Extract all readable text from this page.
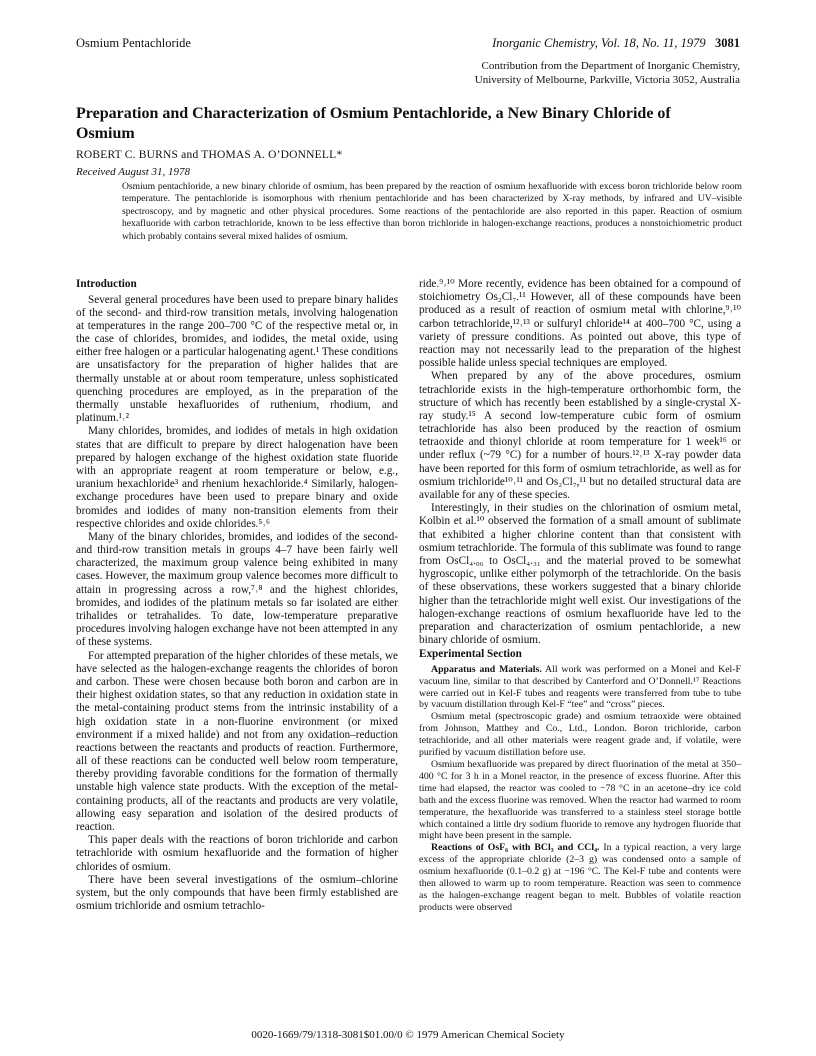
Osmium Pentachloride	Inorganic Chemistry, Vol. 18, No. 11, 1979 3081
Contribution from the Department of Inorganic Chemistry,
University of Melbourne, Parkville, Victoria 3052, Australia
Preparation and Characterization of Osmium Pentachloride, a New Binary Chloride of Osmium
ROBERT C. BURNS and THOMAS A. O’DONNELL*
Received August 31, 1978
Osmium pentachloride, a new binary chloride of osmium, has been prepared by the reaction of osmium hexafluoride with excess boron trichloride below room temperature. The pentachloride is isomorphous with rhenium pentachloride and has been characterized by X-ray methods, by infrared and UV–visible spectroscopy, and by magnetic and other physical procedures. Some reactions of the pentachloride are also reported in this paper. Reaction of osmium hexafluoride with carbon tetrachloride, known to be less effective than boron trichloride in halogen-exchange reactions, produces a nonstoichiometric product which probably contains several mixed halides of osmium.
Introduction

Several general procedures have been used to prepare binary halides of the second- and third-row transition metals, involving halogenation at temperatures in the range 200–700 °C of the respective metal or, in the case of chlorides, bromides, and iodides, the metal oxide, using either free halogen or a particular halogenating agent.¹ These conditions are unsatisfactory for the preparation of higher halides that are thermally unstable at or about room temperature, unless sophisticated quenching procedures are employed, as in the preparation of the thermally unstable hexafluorides of ruthenium, rhodium, and platinum.¹˒²

Many chlorides, bromides, and iodides of metals in high oxidation states that are difficult to prepare by direct halogenation have been prepared by halogen exchange of the highest oxidation state fluoride with an appropriate reagent at room temperature or below, e.g., uranium hexachloride³ and rhenium hexachloride.⁴ Similarly, halogen-exchange procedures have been used to prepare binary and oxide bromides and iodides of many non-transition elements from their respective chlorides and oxide chlorides.⁵˒⁶

Many of the binary chlorides, bromides, and iodides of the second- and third-row transition metals in groups 4–7 have been fairly well characterized, the maximum group valence being exhibited in many cases. However, the maximum group valence becomes more difficult to attain in progressing across a row,⁷˒⁸ and the highest chlorides, bromides, and iodides of the platinum metals so far isolated are either trihalides or tetrahalides. To date, low-temperature preparative procedures involving halogen exchange have not been attempted in any of these systems.

For attempted preparation of the higher chlorides of these metals, we have selected as the halogen-exchange reagents the chlorides of boron and carbon. These were chosen because both boron and carbon are in their highest oxidation states, so that any reduction in oxidation state in the metal-containing product stems from the intrinsic instability of a high oxidation state in a non-fluorine environment (or mixed environment if a mixed halide) and not from any oxidation–reduction reactions between the reactants and products of reaction. Furthermore, all of these reactions can be conducted well below room temperature, thereby providing favorable conditions for the formation of thermally unstable high valence state products. With the exception of the metal-containing products, all of the reactants and products are very volatile, allowing easy separation and isolation of the desired products of reaction.

This paper deals with the reactions of boron trichloride and carbon tetrachloride with osmium hexafluoride and the formation of higher chlorides of osmium.

There have been several investigations of the osmium–chlorine system, but the only compounds that have been firmly established are osmium trichloride and osmium tetrachlo-

ride.⁹˒¹⁰ More recently, evidence has been obtained for a compound of stoichiometry Os₂Cl₇.¹¹ However, all of these compounds have been produced as a result of reaction of osmium metal with chlorine,⁹˒¹⁰ carbon tetrachloride,¹²˒¹³ or sulfuryl chloride¹⁴ at 400–700 °C, using a variety of pressure conditions. As pointed out above, this type of reaction may not necessarily lead to the preparation of the highest possible halide unless special techniques are employed.

When prepared by any of the above procedures, osmium tetrachloride exists in the high-temperature orthorhombic form, the structure of which has recently been established by a single-crystal X-ray study.¹⁵ A second low-temperature cubic form of osmium tetrachloride has also been produced by the reaction of osmium tetraoxide and thionyl chloride at room temperature for 1 week¹⁶ or under reflux (~79 °C) for a number of hours.¹²˒¹³ X-ray powder data have been reported for this form of osmium tetrachloride, as well as for osmium trichloride¹⁰˒¹¹ and Os₂Cl₇,¹¹ but no detailed structural data are available for any of these species.

Interestingly, in their studies on the chlorination of osmium metal, Kolbin et al.¹⁰ observed the formation of a small amount of sublimate that exhibited a higher chlorine content than that consistent with osmium tetrachloride. The formula of this sublimate was found to range from OsCl₄.₀₆ to OsCl₄.₃₁ and the material proved to be somewhat hygroscopic, unlike either polymorph of the tetrachloride. On the basis of these observations, these workers suggested that a binary chloride higher than the tetrachloride might well exist. Our investigations of the halogen-exchange reactions of osmium hexafluoride have led to the preparation and characterization of osmium pentachloride, a new binary chloride of osmium.

Experimental Section

Apparatus and Materials. All work was performed on a Monel and Kel-F vacuum line, similar to that described by Canterford and O’Donnell.¹⁷ Reactions were carried out in Kel-F tubes and reagents were transferred from tube to tube by vacuum distillation through Kel-F “tee” and “cross” pieces.

Osmium metal (spectroscopic grade) and osmium tetraoxide were obtained from Johnson, Matthey and Co., Ltd., London. Boron trichloride, carbon tetrachloride, and all other materials were reagent grade and, if volatile, were purified by vacuum distillation before use.

Osmium hexafluoride was prepared by direct fluorination of the metal at 350–400 °C for 3 h in a Monel reactor, in the presence of excess fluorine. After this time had elapsed, the reactor was cooled to −78 °C in an acetone–dry ice cold bath and the excess fluorine was removed. When the reactor had warmed to room temperature, the hexafluoride was transferred to a stainless steel storage bottle which contained a little dry sodium fluoride to remove any hydrogen fluoride that might have been present in the sample.

Reactions of OsF₆ with BCl₃ and CCl₄. In a typical reaction, a very large excess of the appropriate chloride (2–3 g) was condensed onto a sample of osmium hexafluoride (0.1–0.2 g) at −196 °C. The Kel-F tube and contents were then allowed to warm up to room temperature. Reaction was seen to commence as the halogen-exchange reagent began to melt. Bubbles of volatile reaction products were observed

0020-1669/79/1318-3081$01.00/0 © 1979 American Chemical Society
